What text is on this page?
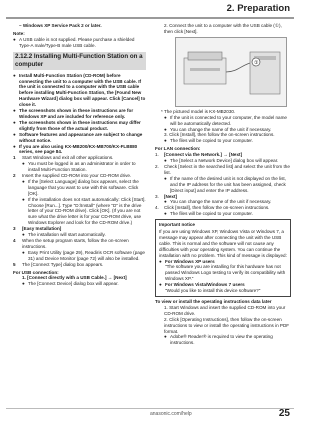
2. Preparation

– Windows XP Service Pack 2 or later.

Note:

● A USB cable is not supplied. Please purchase a shielded Type-A male/Type-B male USB cable.

2.12.2 Installing Multi-Function Station on a computer

● Install Multi-Function Station (CD-ROM) before connecting the unit to a computer with the USB cable. If the unit is connected to a computer with the USB cable before installing Multi-Function Station, the [Found New Hardware Wizard] dialog box will appear. Click [Cancel] to close it.

● The screenshots shown in these instructions are for Windows XP and are included for reference only.

● The screenshots shown in these instructions may differ slightly from those of the actual product.

● Software features and appearance are subject to change without notice.

● If you are also using KX-MB200/KX-MB700/KX-FLB880 series, see page 84.

1 Start Windows and exit all other applications.

● You must be logged in as an administrator in order to install Multi-Function Station.

2 Insert the supplied CD-ROM into your CD-ROM drive.

● If the [Select Language] dialog box appears, select the language that you want to use with this software. Click [OK].

● If the installation does not start automatically: Click [Start]. Choose [Run...]. Type "D:\Install" (where "D" is the drive letter of your CD-ROM drive). Click [OK]. (If you are not sure what the drive letter is for your CD-ROM drive, use Windows Explorer and look for the CD-ROM drive.)

3 [Easy Installation]

● The installation will start automatically.

4 When the setup program starts, follow the on-screen instructions.

● Easy Print Utility (page 29), Readiris OCR software (page 31) and Device Monitor (page 72) will also be installed.

5 The [Connect Type] dialog box appears.

For USB connection:

1. [Connect directly with a USB Cable.] → [Next]

● The [Connect Device] dialog box will appear.

2. Connect the unit to a computer with the USB cable (①), then click [Next].

①

* The pictured model is KX-MB2030.

● If the unit is connected to your computer, the model name will be automatically detected.

● You can change the name of the unit if necessary.

3. Click [Install], then follow the on-screen instructions.

● The files will be copied to your computer.

For LAN connection:

1. [Connect via the Network.] → [Next]

● The [Select a Network Device] dialog box will appear.

2. Check [Select in the searched list] and select the unit from the list.

● If the name of the desired unit is not displayed on the list, and the IP address for the unit has been assigned, check [Direct input] and enter the IP address.

3. [Next]

● You can change the name of the unit if necessary.

4. Click [Install], then follow the on-screen instructions.

● The files will be copied to your computer.

Important notice

If you are using Windows XP, Windows Vista or Windows 7, a message may appear after connecting the unit with the USB cable. This is normal and the software will not cause any difficulties with your operating system. You can continue the installation with no problem. This kind of message is displayed:

● For Windows XP users

"The software you are installing for this hardware has not passed Windows Logo testing to verify its compatibility with Windows XP."

● For Windows Vista/Windows 7 users

"Would you like to install this device software?"

To view or install the operating instructions data later

1. Start Windows and insert the supplied CD-ROM into your CD-ROM drive.

2. Click [Operating Instructions], then follow the on-screen instructions to view or install the operating instructions in PDF format.

● Adobe® Reader® is required to view the operating instructions.

anasonic.com/help	25
